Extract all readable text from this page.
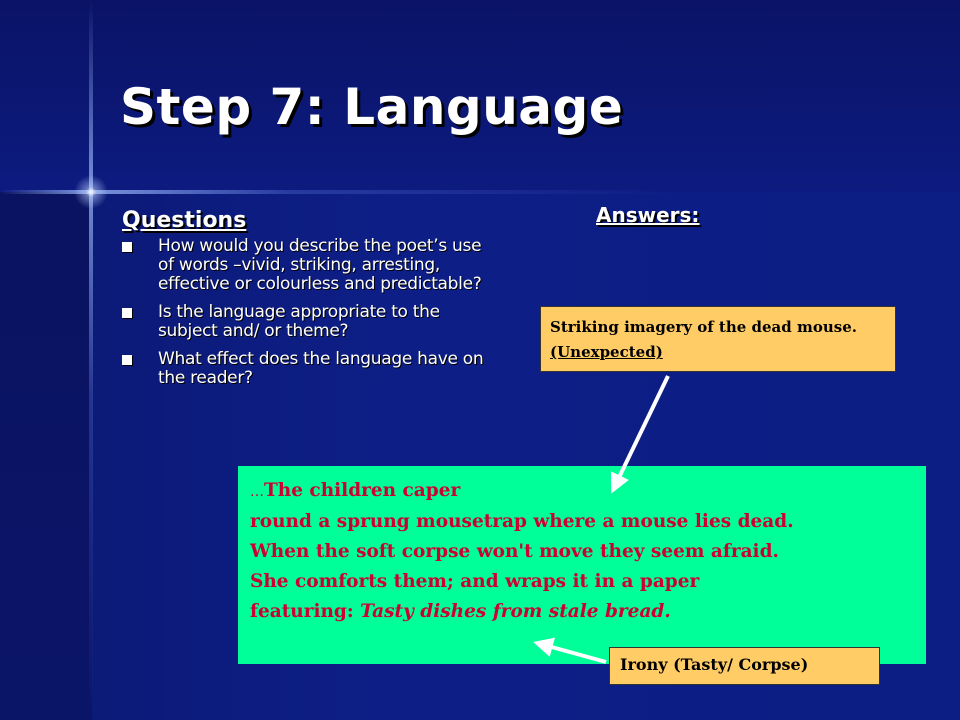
Step 7: Language
Questions
How would you describe the poet’s use of words –vivid, striking, arresting, effective or colourless and predictable?
Is the language appropriate to the subject and/ or theme?
What effect does the language have on the reader?
Answers:
Striking imagery of the dead mouse. (Unexpected)
…The children caper
round a sprung mousetrap where a mouse lies dead.
When the soft corpse won't move they seem afraid.
She comforts them; and wraps it in a paper
featuring: Tasty dishes from stale bread.
Irony (Tasty/ Corpse)
